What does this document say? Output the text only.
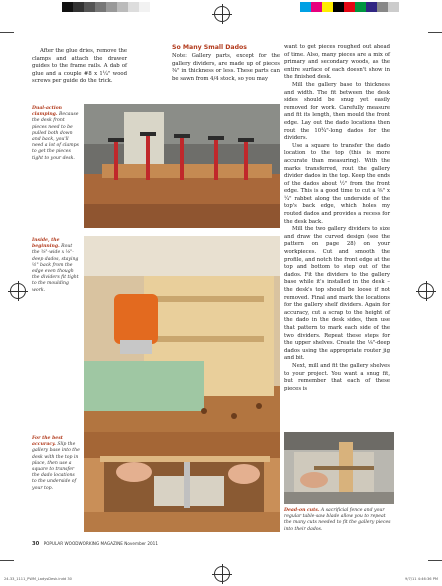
After the glue dries, remove the clamps and attach the drawer guides to the frame rails. A dab of glue and a couple #8 x 1¼" wood screws per guide do the trick.

So Many Small Dados

Note: Gallery parts, except for the gallery dividers, are made up of pieces ⅜" in thickness or less. These parts can be sawn from 4/4 stock, so you may

want to get pieces roughed out ahead of time. Also, many pieces are a mix of primary and secondary woods, as the entire surface of each doesn't show in the finished desk.

Mill the gallery base to thickness and width. The fit between the desk sides should be snug yet easily removed for work. Carefully measure and fit its length, then mould the front edge. Lay out the dado locations then rout the 10¾"-long dados for the dividers.

Use a square to transfer the dado location to the top (this is more accurate than measuring). With the marks transferred, rout the gallery divider dados in the top. Keep the ends of the dados about ½" from the front edge. This is a good time to cut a ⅜" x ¼" rabbet along the underside of the top's back edge, which holes my routed dados and provides a recess for the desk back.

Mill the two gallery dividers to size and draw the curved design (see the pattern on page 28) on your workpieces. Cut and smooth the profile, and notch the front edge at the top and bottom to step out of the dados. Fit the dividers to the gallery base while it's installed in the desk – the desk's top should be loose if not removed. Final and mark the locations for the gallery shelf dividers. Again for accuracy, cut a scrap to the height of the dado in the desk sides, then use that pattern to mark each side of the two dividers. Repeat these steps for the upper shelves. Create the ⅛"-deep dados using the appropriate router jig and bit.

Next, mill and fit the gallery shelves to your project. You want a snug fit, but remember that each of these pieces is

Dual-action clamping. Because the desk front pieces need to be pulled both down and back, you'll need a lot of clamps to get the pieces tight to your desk.
Inside, the beginning. Rout the ⅜"-wide x ⅛"-deep dados, staying ½" back from the edge even though the dividers fit tight to the moulding work.
For the best accuracy. Slip the gallery base into the desk with the top in place, then use a square to transfer the dado locations to the underside of your top.
Dead-on cuts. A sacrificial fence and your regular table-saw blade allow you to repeat the many cuts needed to fit the gallery pieces into their dados.
30 POPULAR WOODWORKING MAGAZINE November 2011
24-33_1111_PWM_LadysDesk.indd 30	9/7/11 4:46:36 PM
